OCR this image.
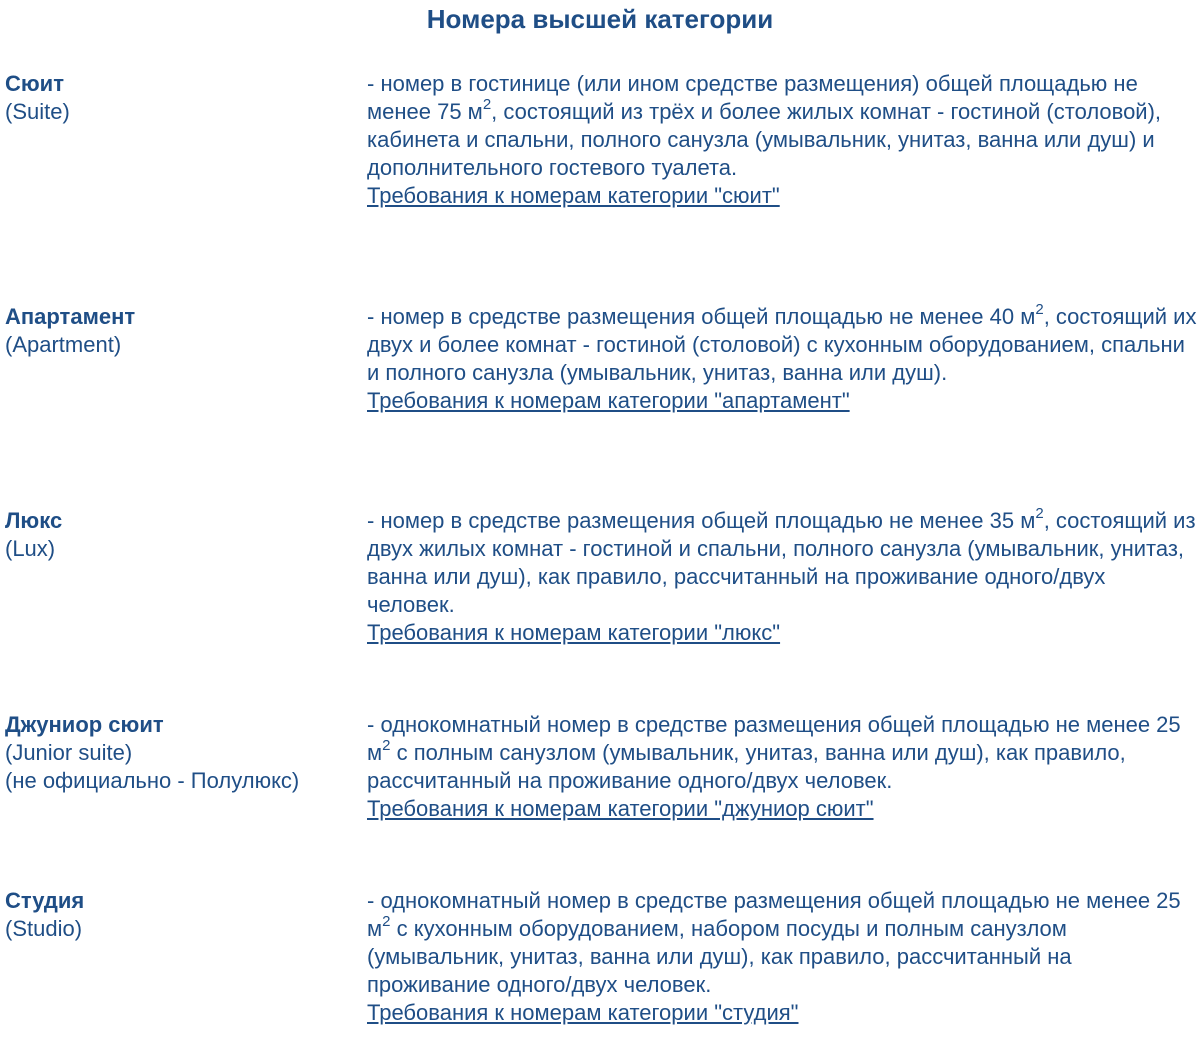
Номера высшей категории
Сюит
(Suite)
- номер в гостинице (или ином средстве размещения) общей площадью не менее 75 $м^2$, состоящий из трёх и более жилых комнат - гостиной (столовой), кабинета и спальни, полного санузла (умывальник, унитаз, ванна или душ) и дополнительного гостевого туалета.
Требования к номерам категории "сюит"
Апартамент
(Apartment)
- номер в средстве размещения общей площадью не менее 40 $м^2$, состоящий их двух и более комнат - гостиной (столовой) с кухонным оборудованием, спальни и полного санузла (умывальник, унитаз, ванна или душ).
Требования к номерам категории "апартамент"
Люкс
(Lux)
- номер в средстве размещения общей площадью не менее 35 $м^2$, состоящий из двух жилых комнат - гостиной и спальни, полного санузла (умывальник, унитаз, ванна или душ), как правило, рассчитанный на проживание одного/двух человек.
Требования к номерам категории "люкс"
Джуниор сюит
(Junior suite)
(не официально - Полулюкс)
- однокомнатный номер в средстве размещения общей площадью не менее 25 $м^2$ с полным санузлом (умывальник, унитаз, ванна или душ), как правило, рассчитанный на проживание одного/двух человек.
Требования к номерам категории "джуниор сюит"
Студия
(Studio)
- однокомнатный номер в средстве размещения общей площадью не менее 25 $м^2$ с кухонным оборудованием, набором посуды и полным санузлом (умывальник, унитаз, ванна или душ), как правило, рассчитанный на проживание одного/двух человек.
Требования к номерам категории "студия"
